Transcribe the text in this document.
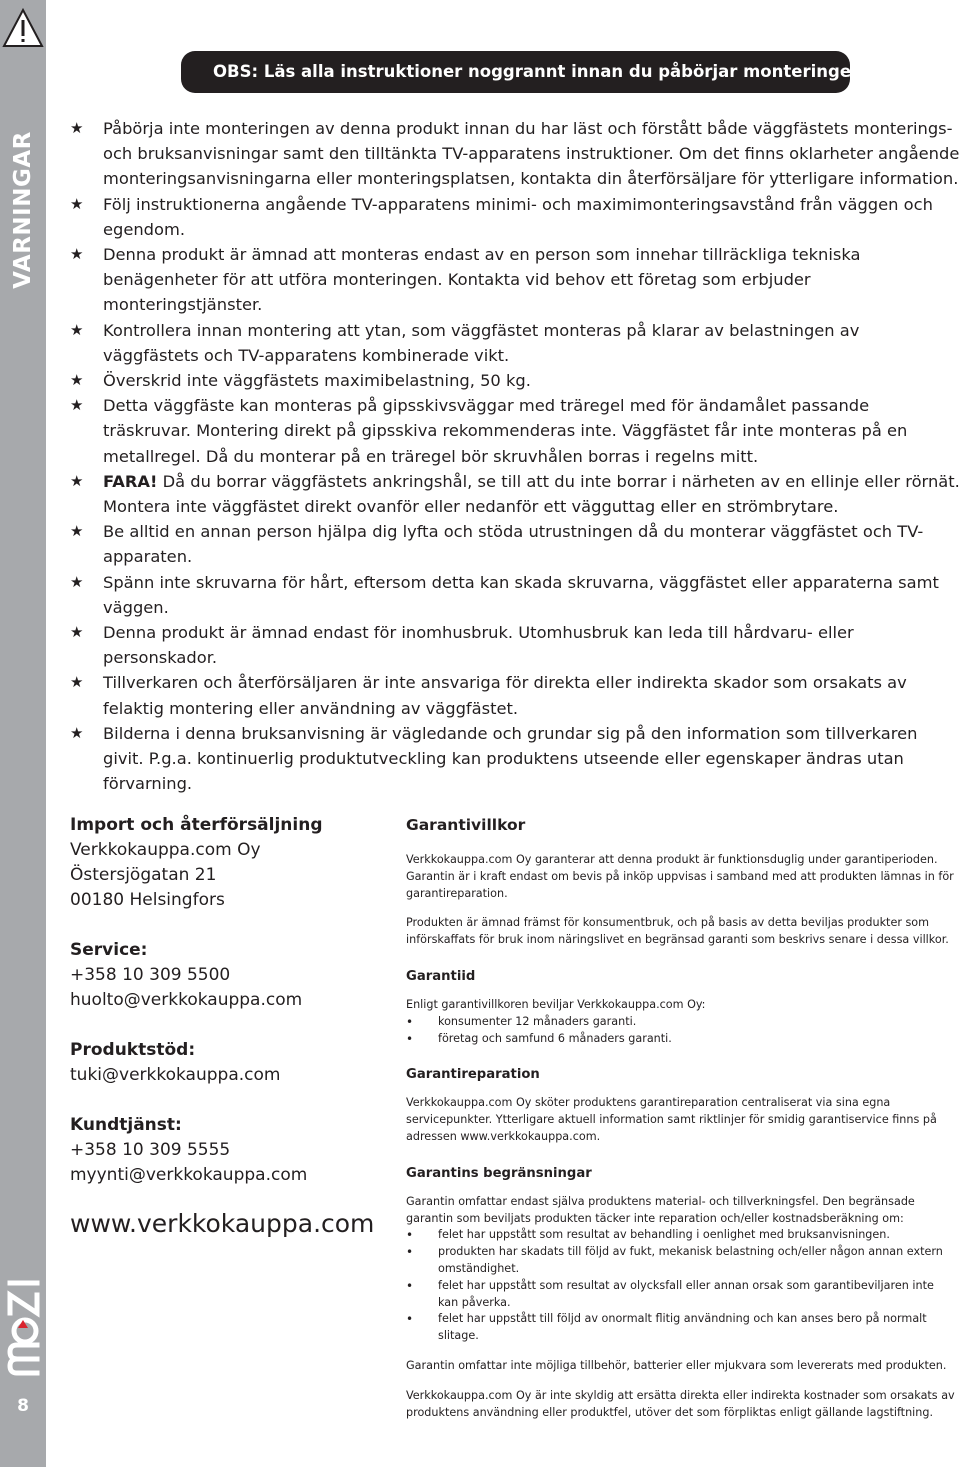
VARNINGAR
8
OBS: Läs alla instruktioner noggrannt innan du påbörjar monteringen.
★ Påbörja inte monteringen av denna produkt innan du har läst och förstått både väggfästets monterings- och bruksanvisningar samt den tilltänkta TV-apparatens instruktioner. Om det finns oklarheter angående monteringsanvisningarna eller monteringsplatsen, kontakta din återförsäljare för ytterligare information.
★ Följ instruktionerna angående TV-apparatens minimi- och maximimonteringsavstånd från väggen och egendom.
★ Denna produkt är ämnad att monteras endast av en person som innehar tillräckliga tekniska benägenheter för att utföra monteringen. Kontakta vid behov ett företag som erbjuder monteringstjänster.
★ Kontrollera innan montering att ytan, som väggfästet monteras på klarar av belastningen av väggfästets och TV-apparatens kombinerade vikt.
★ Överskrid inte väggfästets maximibelastning, 50 kg.
★ Detta väggfäste kan monteras på gipsskivsväggar med träregel med för ändamålet passande träskruvar. Montering direkt på gipsskiva rekommenderas inte. Väggfästet får inte monteras på en metallregel. Då du monterar på en träregel bör skruvhålen borras i regelns mitt.
★ FARA! Då du borrar väggfästets ankringshål, se till att du inte borrar i närheten av en ellinje eller rörnät. Montera inte väggfästet direkt ovanför eller nedanför ett vägguttag eller en strömbrytare.
★ Be alltid en annan person hjälpa dig lyfta och stöda utrustningen då du monterar väggfästet och TV-apparaten.
★ Spänn inte skruvarna för hårt, eftersom detta kan skada skruvarna, väggfästet eller apparaterna samt väggen.
★ Denna produkt är ämnad endast för inomhusbruk. Utomhusbruk kan leda till hårdvaru- eller personskador.
★ Tillverkaren och återförsäljaren är inte ansvariga för direkta eller indirekta skador som orsakats av felaktig montering eller användning av väggfästet.
★ Bilderna i denna bruksanvisning är vägledande och grundar sig på den information som tillverkaren givit. P.g.a. kontinuerlig produktutveckling kan produktens utseende eller egenskaper ändras utan förvarning.
Import och återförsäljning
Verkkokauppa.com Oy
Östersjögatan 21
00180 Helsingfors
Service:
+358 10 309 5500
huolto@verkkokauppa.com
Produktstöd:
tuki@verkkokauppa.com
Kundtjänst:
+358 10 309 5555
myynti@verkkokauppa.com
www.verkkokauppa.com
Garantivillkor

Verkkokauppa.com Oy garanterar att denna produkt är funktionsduglig under garantiperioden. Garantin är i kraft endast om bevis på inköp uppvisas i samband med att produkten lämnas in för garantireparation.

Produkten är ämnad främst för konsumentbruk, och på basis av detta beviljas produkter som införskaffats för bruk inom näringslivet en begränsad garanti som beskrivs senare i dessa villkor.

Garantiid

Enligt garantivillkoren beviljar Verkkokauppa.com Oy:

• konsumenter 12 månaders garanti.
• företag och samfund 6 månaders garanti.
Garantireparation

Verkkokauppa.com Oy sköter produktens garantireparation centraliserat via sina egna servicepunkter. Ytterligare aktuell information samt riktlinjer för smidig garantiservice finns på adressen www.verkkokauppa.com.

Garantins begränsningar

Garantin omfattar endast själva produktens material- och tillverkningsfel. Den begränsade garantin som beviljats produkten täcker inte reparation och/eller kostnadsberäkning om:

• felet har uppstått som resultat av behandling i oenlighet med bruksanvisningen.
• produkten har skadats till följd av fukt, mekanisk belastning och/eller någon annan extern omständighet.
• felet har uppstått som resultat av olycksfall eller annan orsak som garantibeviljaren inte kan påverka.
• felet har uppstått till följd av onormalt flitig användning och kan anses bero på normalt slitage.

Garantin omfattar inte möjliga tillbehör, batterier eller mjukvara som levererats med produkten.

Verkkokauppa.com Oy är inte skyldig att ersätta direkta eller indirekta kostnader som orsakats av produktens användning eller produktfel, utöver det som förpliktas enligt gällande lagstiftning.
